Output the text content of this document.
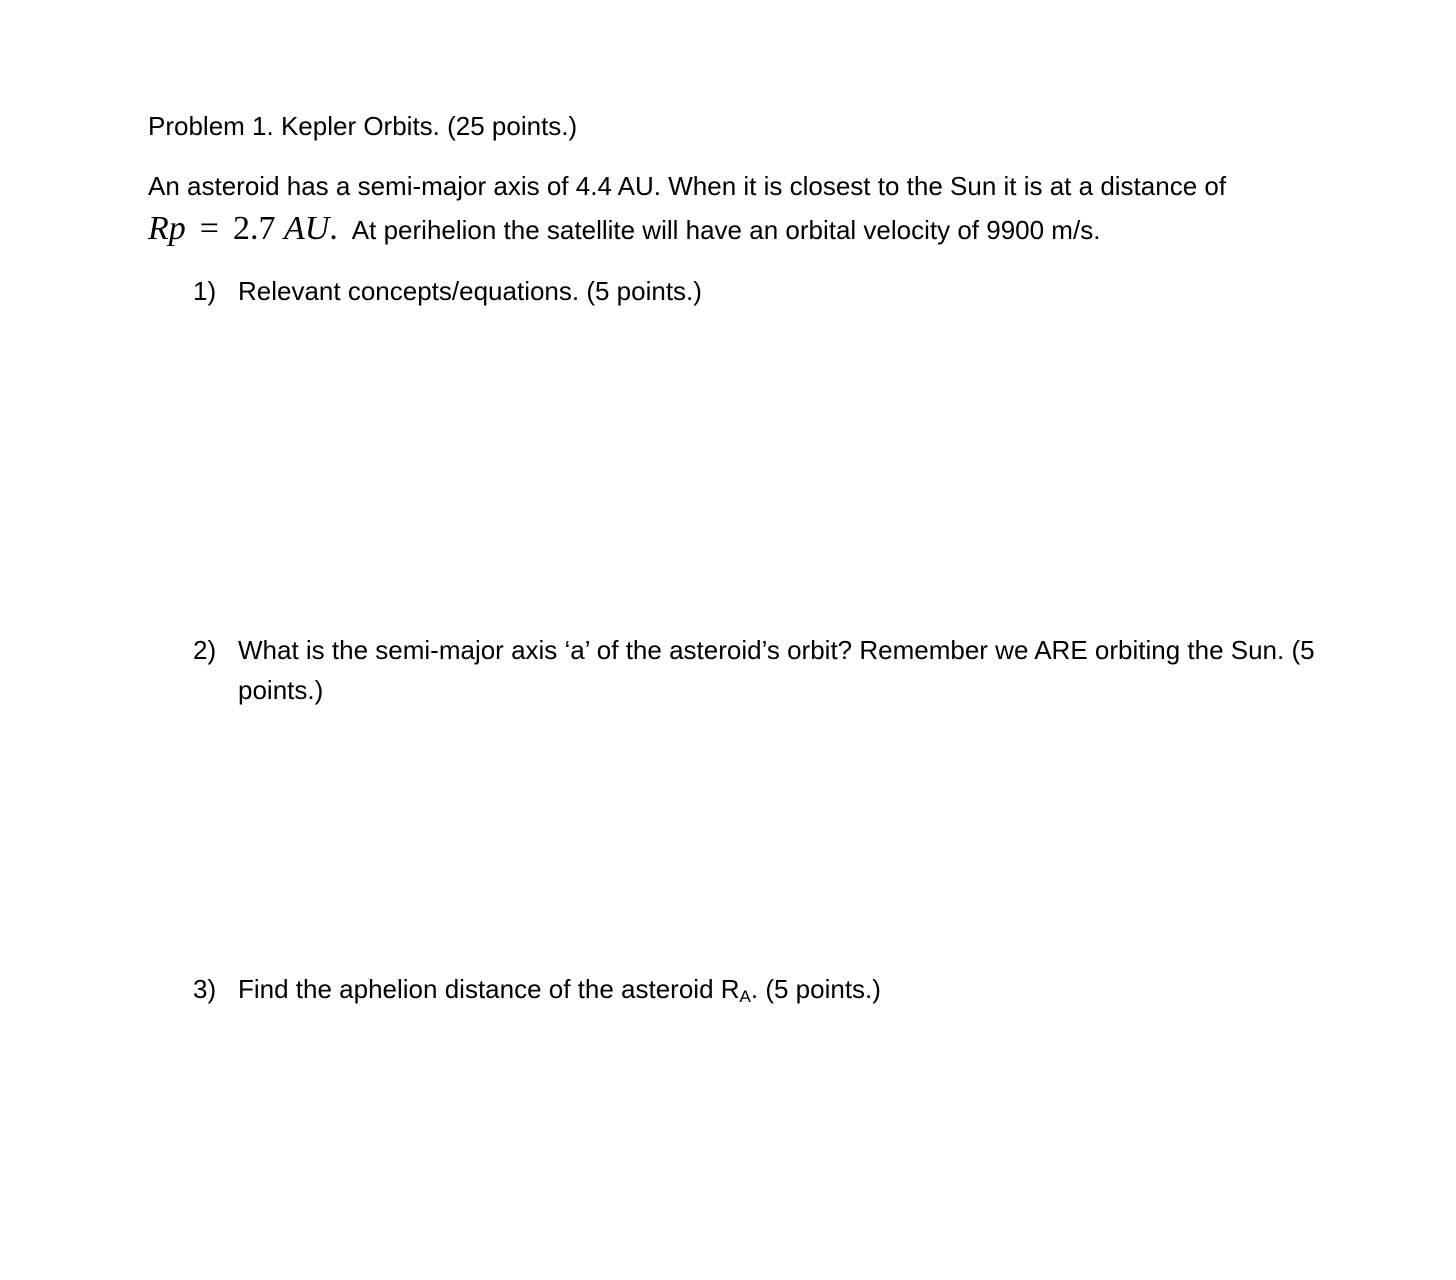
Problem 1. Kepler Orbits. (25 points.)
An asteroid has a semi-major axis of 4.4 AU. When it is closest to the Sun it is at a distance of
Rp = 2.7 AU. At perihelion the satellite will have an orbital velocity of 9900 m/s.
1) Relevant concepts/equations. (5 points.)
2) What is the semi-major axis ‘a’ of the asteroid’s orbit? Remember we ARE orbiting the Sun. (5 points.)
3) Find the aphelion distance of the asteroid $R_A$. (5 points.)
